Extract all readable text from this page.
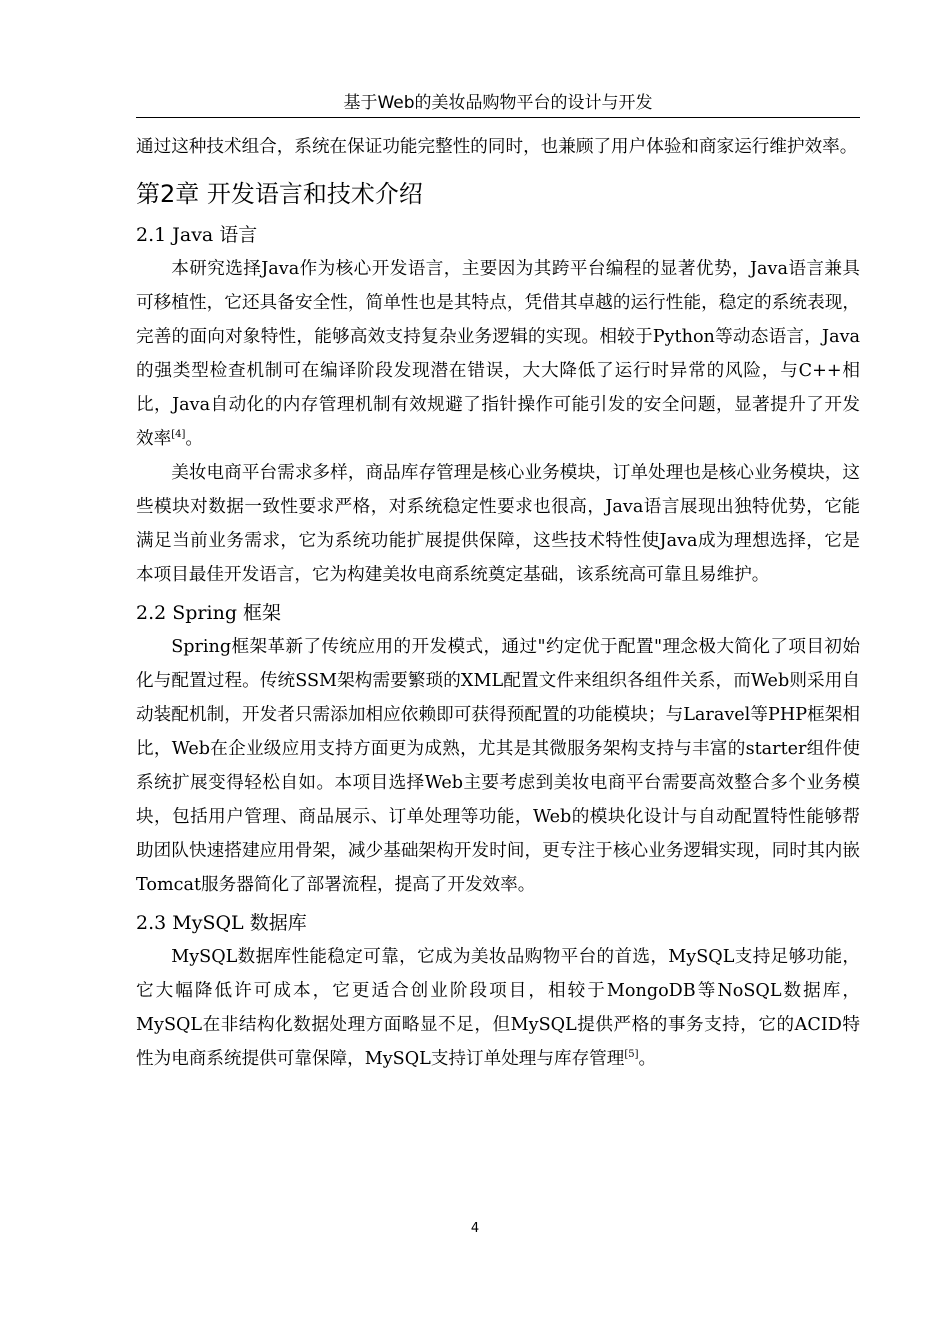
基于Web的美妆品购物平台的设计与开发

通过这种技术组合，系统在保证功能完整性的同时，也兼顾了用户体验和商家运行维护效率。

第2章 开发语言和技术介绍
2.1 Java 语言

本研究选择Java作为核心开发语言，主要因为其跨平台编程的显著优势，Java语言兼具可移植性，它还具备安全性，简单性也是其特点，凭借其卓越的运行性能，稳定的系统表现，完善的面向对象特性，能够高效支持复杂业务逻辑的实现。相较于Python等动态语言，Java的强类型检查机制可在编译阶段发现潜在错误，大大降低了运行时异常的风险，与C++相比，Java自动化的内存管理机制有效规避了指针操作可能引发的安全问题，显著提升了开发效率[4]。

美妆电商平台需求多样，商品库存管理是核心业务模块，订单处理也是核心业务模块，这些模块对数据一致性要求严格，对系统稳定性要求也很高，Java语言展现出独特优势，它能满足当前业务需求，它为系统功能扩展提供保障，这些技术特性使Java成为理想选择，它是本项目最佳开发语言，它为构建美妆电商系统奠定基础，该系统高可靠且易维护。

2.2 Spring 框架

Spring框架革新了传统应用的开发模式，通过"约定优于配置"理念极大简化了项目初始化与配置过程。传统SSM架构需要繁琐的XML配置文件来组织各组件关系，而Web则采用自动装配机制，开发者只需添加相应依赖即可获得预配置的功能模块；与Laravel等PHP框架相比，Web在企业级应用支持方面更为成熟，尤其是其微服务架构支持与丰富的starter组件使系统扩展变得轻松自如。本项目选择Web主要考虑到美妆电商平台需要高效整合多个业务模块，包括用户管理、商品展示、订单处理等功能，Web的模块化设计与自动配置特性能够帮助团队快速搭建应用骨架，减少基础架构开发时间，更专注于核心业务逻辑实现，同时其内嵌Tomcat服务器简化了部署流程，提高了开发效率。

2.3 MySQL 数据库

MySQL数据库性能稳定可靠，它成为美妆品购物平台的首选，MySQL支持足够功能，它大幅降低许可成本，它更适合创业阶段项目，相较于MongoDB等NoSQL数据库，MySQL在非结构化数据处理方面略显不足，但MySQL提供严格的事务支持，它的ACID特性为电商系统提供可靠保障，MySQL支持订单处理与库存管理[5]。

4
